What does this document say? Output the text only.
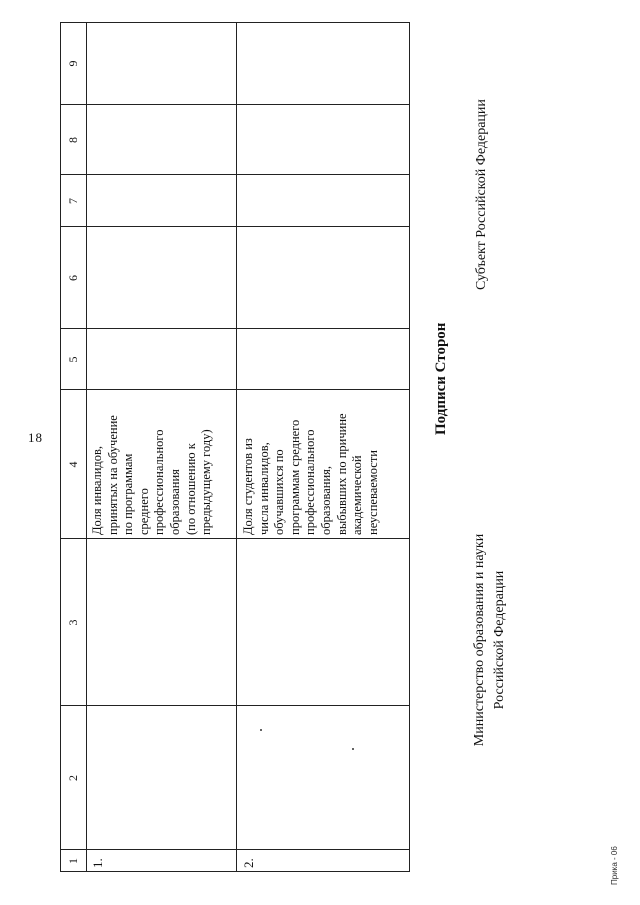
18
1
2
3
4
5
6
7
8
9
1.
Доля инвалидов,
принятых на обучение
по программам
среднего
профессионального
образования
(по отношению к
предыдущему году)
2.
Доля студентов из
числа инвалидов,
обучавшихся по
программам среднего
профессионального
образования,
выбывших по причине
академической
неуспеваемости
Подписи Сторон
Министерство образования и науки Российской Федерации
Субъект Российской Федерации
Прика - 06
